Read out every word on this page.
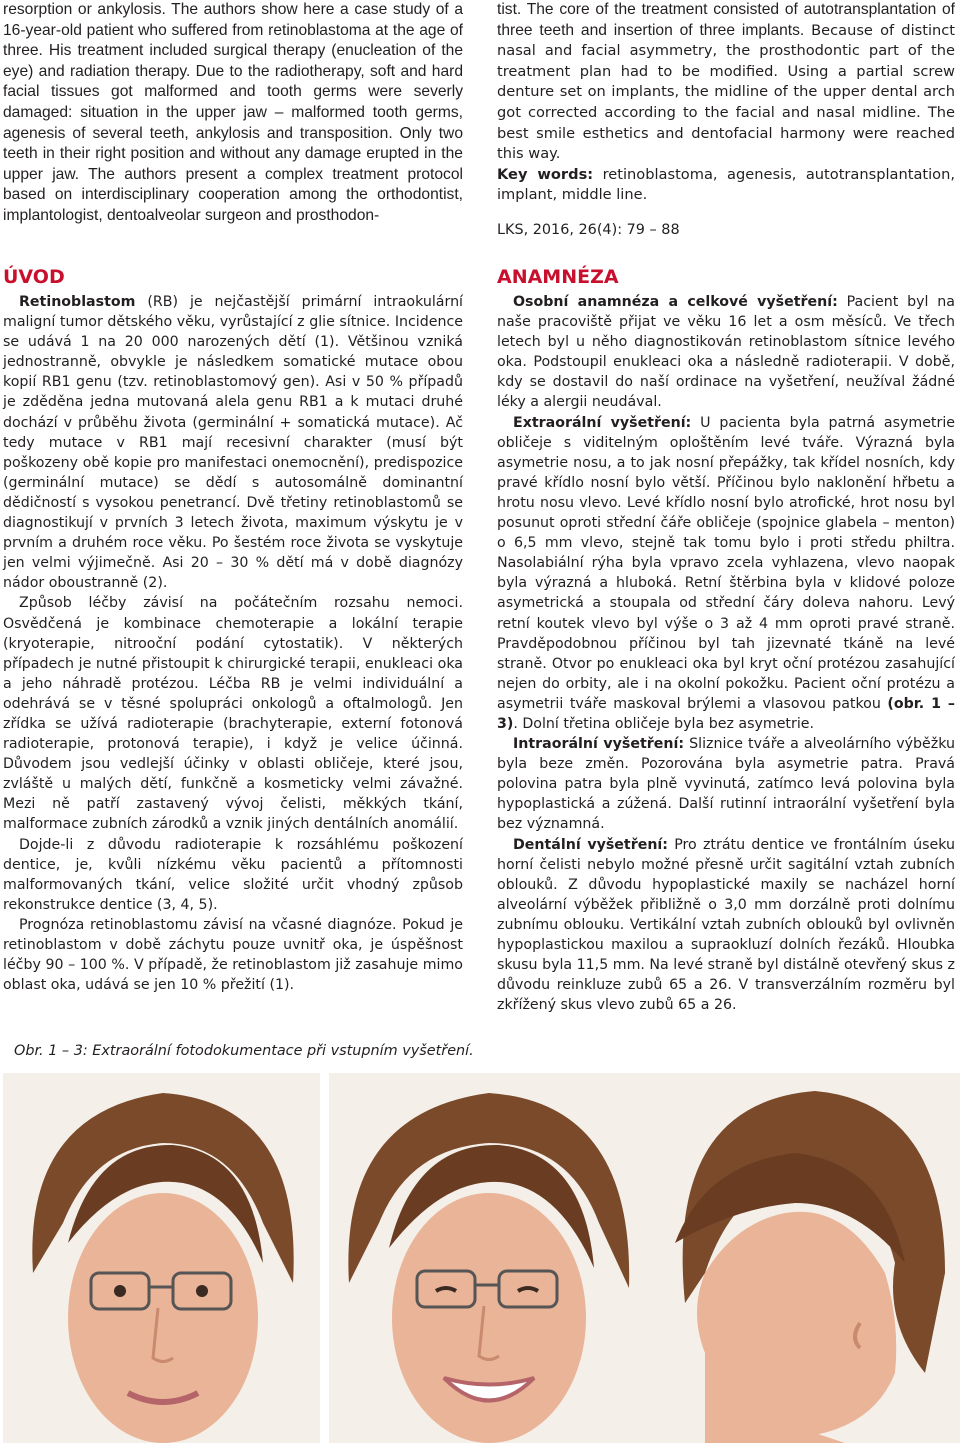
resorption or ankylosis. The authors show here a case study of a 16-year-old patient who suffered from retinoblastoma at the age of three. His treatment included surgical therapy (enucleation of the eye) and radiation therapy. Due to the radiotherapy, soft and hard facial tissues got malformed and tooth germs were severly damaged: situation in the upper jaw – malformed tooth germs, agenesis of several teeth, ankylosis and transposition. Only two teeth in their right position and without any damage erupted in the upper jaw. The authors present a complex treatment protocol based on interdisciplinary cooperation among the orthodontist, implantologist, dentoalveolar surgeon and prosthodon-

tist. The core of the treatment consisted of autotransplantation of three teeth and insertion of three implants. Because of distinct nasal and facial asymmetry, the prosthodontic part of the treatment plan had to be modified. Using a partial screw denture set on implants, the midline of the upper dental arch got corrected according to the facial and nasal midline. The best smile esthetics and dentofacial harmony were reached this way.

Key words: retinoblastoma, agenesis, autotransplantation, implant, middle line.

LKS, 2016, 26(4): 79 – 88

ÚVOD

Retinoblastom (RB) je nejčastější primární intraokulární maligní tumor dětského věku, vyrůstající z glie sítnice. Incidence se udává 1 na 20 000 narozených dětí (1). Většinou vzniká jednostranně, obvykle je následkem somatické mutace obou kopií RB1 genu (tzv. retinoblastomový gen). Asi v 50 % případů je zděděna jedna mutovaná alela genu RB1 a k mutaci druhé dochází v průběhu života (germinální + somatická mutace). Ač tedy mutace v RB1 mají recesivní charakter (musí být poškozeny obě kopie pro manifestaci onemocnění), predispozice (germinální mutace) se dědí s autosomálně dominantní dědičností s vysokou penetrancí. Dvě třetiny retinoblastomů se diagnostikují v prvních 3 letech života, maximum výskytu je v prvním a druhém roce věku. Po šestém roce života se vyskytuje jen velmi výjimečně. Asi 20 – 30 % dětí má v době diagnózy nádor oboustranně (2).

Způsob léčby závisí na počátečním rozsahu nemoci. Osvědčená je kombinace chemoterapie a lokální terapie (kryoterapie, nitrooční podání cytostatik). V některých případech je nutné přistoupit k chirurgické terapii, enukleaci oka a jeho náhradě protézou. Léčba RB je velmi individuální a odehrává se v těsné spolupráci onkologů a oftalmologů. Jen zřídka se užívá radioterapie (brachyterapie, externí fotonová radioterapie, protonová terapie), i když je velice účinná. Důvodem jsou vedlejší účinky v oblasti obličeje, které jsou, zvláště u malých dětí, funkčně a kosmeticky velmi závažné. Mezi ně patří zastavený vývoj čelisti, měkkých tkání, malformace zubních zárodků a vznik jiných dentálních anomálií.

Dojde-li z důvodu radioterapie k rozsáhlému poškození dentice, je, kvůli nízkému věku pacientů a přítomnosti malformovaných tkání, velice složité určit vhodný způsob rekonstrukce dentice (3, 4, 5).

Prognóza retinoblastomu závisí na včasné diagnóze. Pokud je retinoblastom v době záchytu pouze uvnitř oka, je úspěšnost léčby 90 – 100 %. V případě, že retinoblastom již zasahuje mimo oblast oka, udává se jen 10 % přežití (1).

ANAMNÉZA

Osobní anamnéza a celkové vyšetření: Pacient byl na naše pracoviště přijat ve věku 16 let a osm měsíců. Ve třech letech byl u něho diagnostikován retinoblastom sítnice levého oka. Podstoupil enukleaci oka a následně radioterapii. V době, kdy se dostavil do naší ordinace na vyšetření, neužíval žádné léky a alergii neudával.

Extraorální vyšetření: U pacienta byla patrná asymetrie obličeje s viditelným oploštěním levé tváře. Výrazná byla asymetrie nosu, a to jak nosní přepážky, tak křídel nosních, kdy pravé křídlo nosní bylo větší. Příčinou bylo naklonění hřbetu a hrotu nosu vlevo. Levé křídlo nosní bylo atrofické, hrot nosu byl posunut oproti střední čáře obličeje (spojnice glabela – menton) o 6,5 mm vlevo, stejně tak tomu bylo i proti středu philtra. Nasolabiální rýha byla vpravo zcela vyhlazena, vlevo naopak byla výrazná a hluboká. Retní štěrbina byla v klidové poloze asymetrická a stoupala od střední čáry doleva nahoru. Levý retní koutek vlevo byl výše o 3 až 4 mm oproti pravé straně. Pravděpodobnou příčinou byl tah jizevnaté tkáně na levé straně. Otvor po enukleaci oka byl kryt oční protézou zasahující nejen do orbity, ale i na okolní pokožku. Pacient oční protézu a asymetrii tváře maskoval brýlemi a vlasovou patkou (obr. 1 – 3). Dolní třetina obličeje byla bez asymetrie.

Intraorální vyšetření: Sliznice tváře a alveolárního výběžku byla beze změn. Pozorována byla asymetrie patra. Pravá polovina patra byla plně vyvinutá, zatímco levá polovina byla hypoplastická a zúžená. Další rutinní intraorální vyšetření byla bez významná.

Dentální vyšetření: Pro ztrátu dentice ve frontálním úseku horní čelisti nebylo možné přesně určit sagitální vztah zubních oblouků. Z důvodu hypoplastické maxily se nacházel horní alveolární výběžek přibližně o 3,0 mm dorzálně proti dolnímu zubnímu oblouku. Vertikální vztah zubních oblouků byl ovlivněn hypoplastickou maxilou a supraokluzí dolních řezáků. Hloubka skusu byla 11,5 mm. Na levé straně byl distálně otevřený skus z důvodu reinkluze zubů 65 a 26. V transverzálním rozměru byl zkřížený skus vlevo zubů 65 a 26.

Obr. 1 – 3: Extraorální fotodokumentace při vstupním vyšetření.
